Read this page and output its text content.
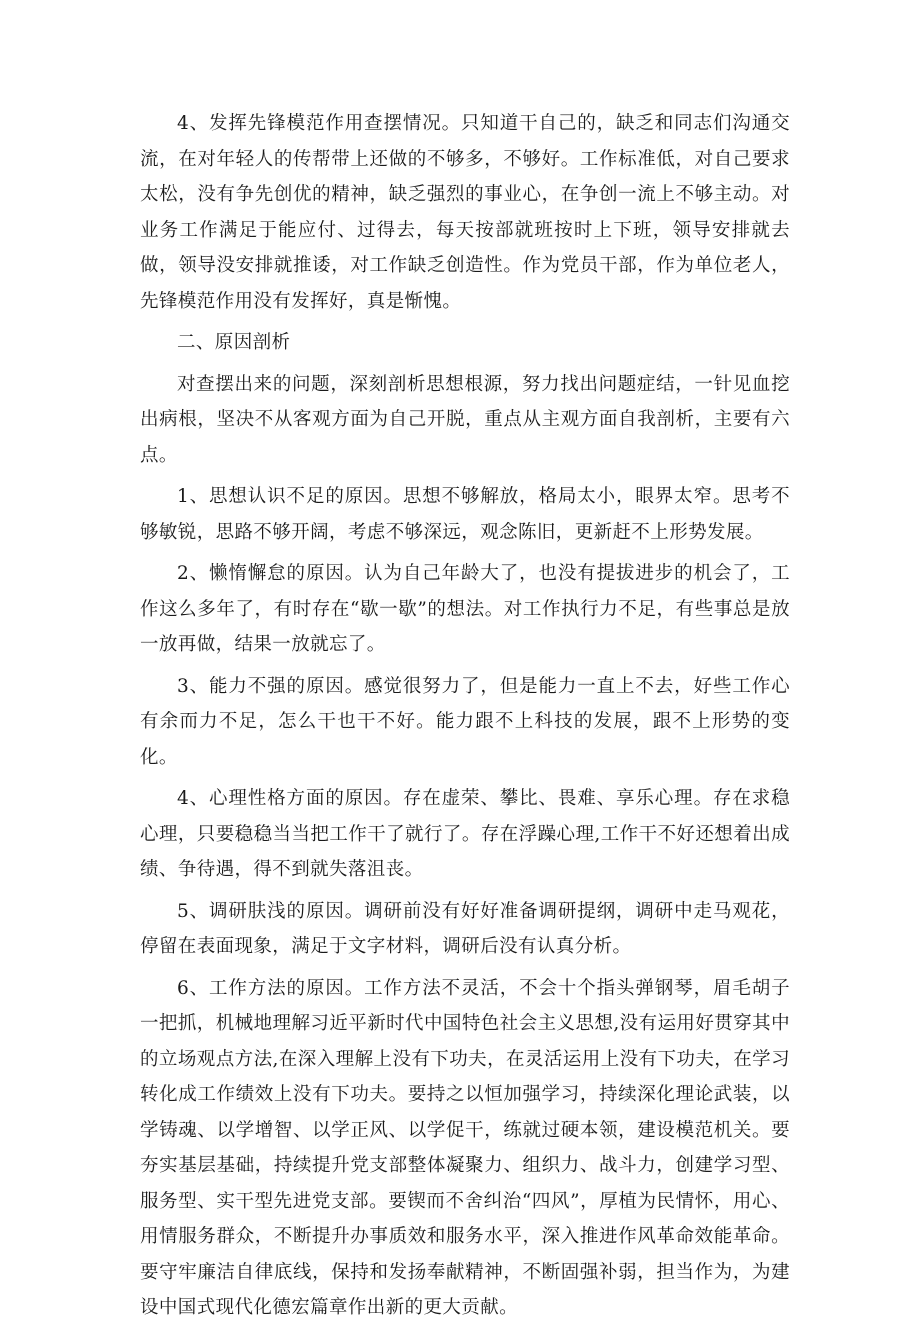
4、发挥先锋模范作用查摆情况。只知道干自己的，缺乏和同志们沟通交流，在对年轻人的传帮带上还做的不够多，不够好。工作标准低，对自己要求太松，没有争先创优的精神，缺乏强烈的事业心，在争创一流上不够主动。对业务工作满足于能应付、过得去，每天按部就班按时上下班，领导安排就去做，领导没安排就推诿，对工作缺乏创造性。作为党员干部，作为单位老人，先锋模范作用没有发挥好，真是惭愧。

二、原因剖析

对查摆出来的问题，深刻剖析思想根源，努力找出问题症结，一针见血挖出病根，坚决不从客观方面为自己开脱，重点从主观方面自我剖析，主要有六点。

1、思想认识不足的原因。思想不够解放，格局太小，眼界太窄。思考不够敏锐，思路不够开阔，考虑不够深远，观念陈旧，更新赶不上形势发展。

2、懒惰懈怠的原因。认为自己年龄大了，也没有提拔进步的机会了，工作这么多年了，有时存在“歇一歇”的想法。对工作执行力不足，有些事总是放一放再做，结果一放就忘了。

3、能力不强的原因。感觉很努力了，但是能力一直上不去，好些工作心有余而力不足，怎么干也干不好。能力跟不上科技的发展，跟不上形势的变化。

4、心理性格方面的原因。存在虚荣、攀比、畏难、享乐心理。存在求稳心理，只要稳稳当当把工作干了就行了。存在浮躁心理,工作干不好还想着出成绩、争待遇，得不到就失落沮丧。

5、调研肤浅的原因。调研前没有好好准备调研提纲，调研中走马观花，停留在表面现象，满足于文字材料，调研后没有认真分析。

6、工作方法的原因。工作方法不灵活，不会十个指头弹钢琴，眉毛胡子一把抓，机械地理解习近平新时代中国特色社会主义思想,没有运用好贯穿其中的立场观点方法,在深入理解上没有下功夫，在灵活运用上没有下功夫，在学习转化成工作绩效上没有下功夫。要持之以恒加强学习，持续深化理论武装，以学铸魂、以学增智、以学正风、以学促干，练就过硬本领，建设模范机关。要夯实基层基础，持续提升党支部整体凝聚力、组织力、战斗力，创建学习型、服务型、实干型先进党支部。要锲而不舍纠治“四风”，厚植为民情怀，用心、用情服务群众，不断提升办事质效和服务水平，深入推进作风革命效能革命。要守牢廉洁自律底线，保持和发扬奉献精神，不断固强补弱，担当作为，为建设中国式现代化德宏篇章作出新的更大贡献。
